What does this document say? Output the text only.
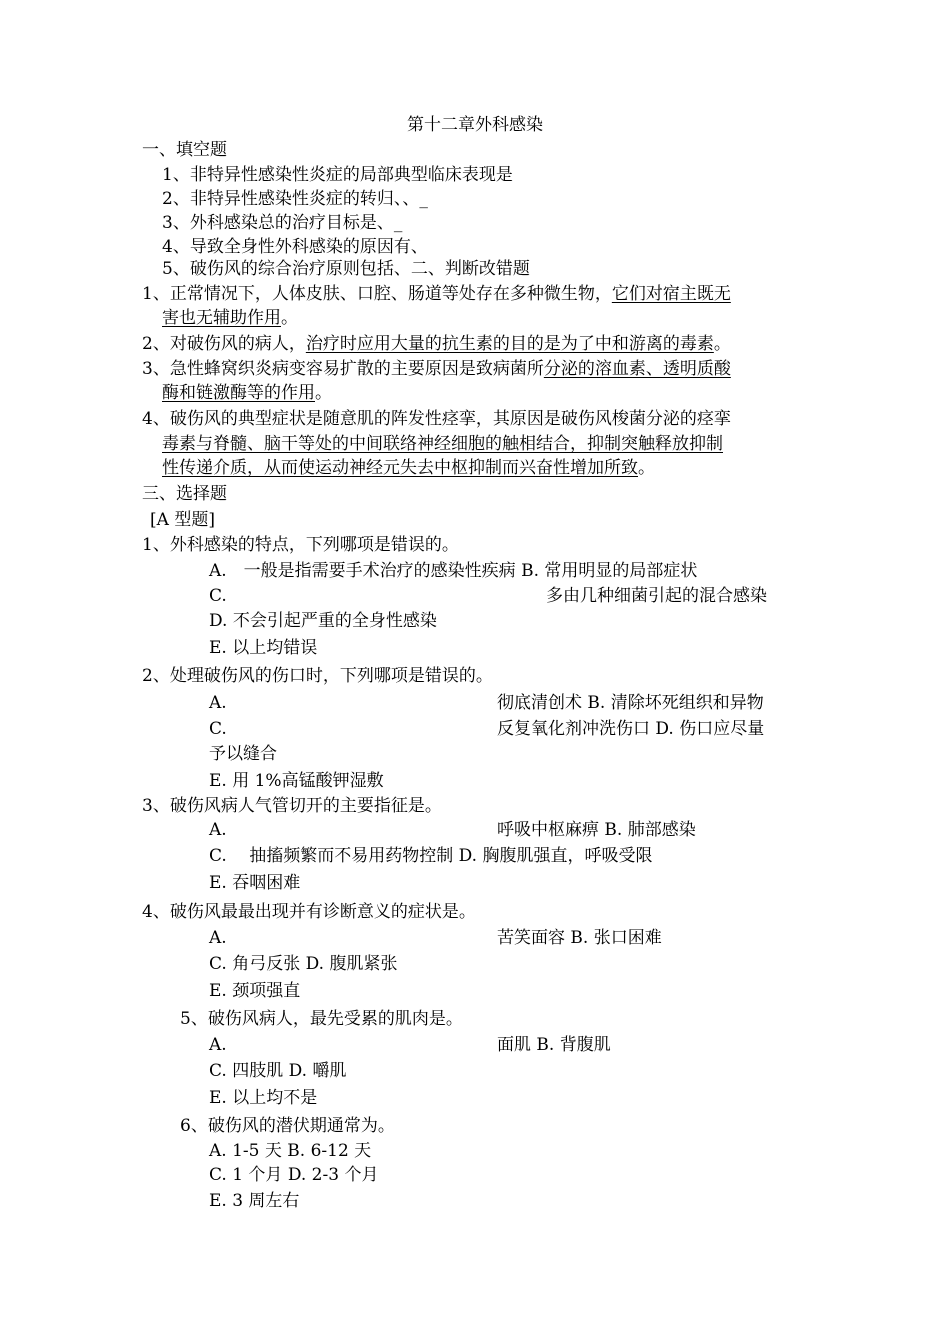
第十二章外科感染
一、填空题
1、非特异性感染性炎症的局部典型临床表现是
2、非特异性感染性炎症的转归、、_
3、外科感染总的治疗目标是、_
4、导致全身性外科感染的原因有、
5、破伤风的综合治疗原则包括、二、判断改错题
1、正常情况下，人体皮肤、口腔、肠道等处存在多种微生物，它们对宿主既无
害也无辅助作用。
2、对破伤风的病人，治疗时应用大量的抗生素的目的是为了中和游离的毒素。
3、急性蜂窝织炎病变容易扩散的主要原因是致病菌所分泌的溶血素、透明质酸
酶和链激酶等的作用。
4、破伤风的典型症状是随意肌的阵发性痉挛，其原因是破伤风梭菌分泌的痉挛
毒素与脊髓、脑干等处的中间联络神经细胞的触相结合，抑制突触释放抑制
性传递介质，从而使运动神经元失去中枢抑制而兴奋性增加所致。
三、选择题
[A 型题]
1、外科感染的特点，下列哪项是错误的。
A.　一般是指需要手术治疗的感染性疾病 B. 常用明显的局部症状
C.	多由几种细菌引起的混合感染
D. 不会引起严重的全身性感染
E. 以上均错误
2、处理破伤风的伤口时，下列哪项是错误的。
A.	彻底清创术 B. 清除坏死组织和异物
C.	反复氧化剂冲洗伤口 D. 伤口应尽量
予以缝合
E. 用 1%高锰酸钾湿敷
3、破伤风病人气管切开的主要指征是。
A.	呼吸中枢麻痹 B. 肺部感染
C.　 抽搐频繁而不易用药物控制 D. 胸腹肌强直，呼吸受限
E. 吞咽困难
4、破伤风最最出现并有诊断意义的症状是。
A.	苦笑面容 B. 张口困难
C. 角弓反张 D. 腹肌紧张
E. 颈项强直
5、破伤风病人，最先受累的肌肉是。
A.	面肌 B. 背腹肌
C. 四肢肌 D. 嚼肌
E. 以上均不是
6、破伤风的潜伏期通常为。
A. 1-5 天 B. 6-12 天
C. 1 个月 D. 2-3 个月
E. 3 周左右
